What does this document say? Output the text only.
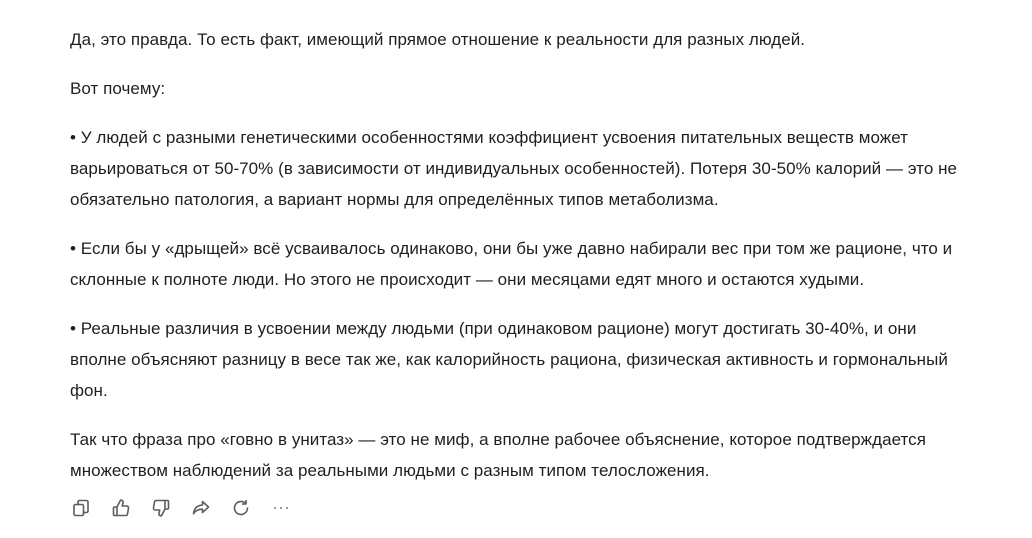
Да, это правда. То есть факт, имеющий прямое отношение к реальности для разных людей.

Вот почему:

• У людей с разными генетическими особенностями коэффициент усвоения питательных веществ может варьироваться от 50-70% (в зависимости от индивидуальных особенностей). Потеря 30-50% калорий — это не обязательно патология, а вариант нормы для определённых типов метаболизма.

• Если бы у «дрыщей» всё усваивалось одинаково, они бы уже давно набирали вес при том же рационе, что и склонные к полноте люди. Но этого не происходит — они месяцами едят много и остаются худыми.

• Реальные различия в усвоении между людьми (при одинаковом рационе) могут достигать 30-40%, и они вполне объясняют разницу в весе так же, как калорийность рациона, физическая активность и гормональный фон.

Так что фраза про «говно в унитаз» — это не миф, а вполне рабочее объяснение, которое подтверждается множеством наблюдений за реальными людьми с разным типом телосложения.
